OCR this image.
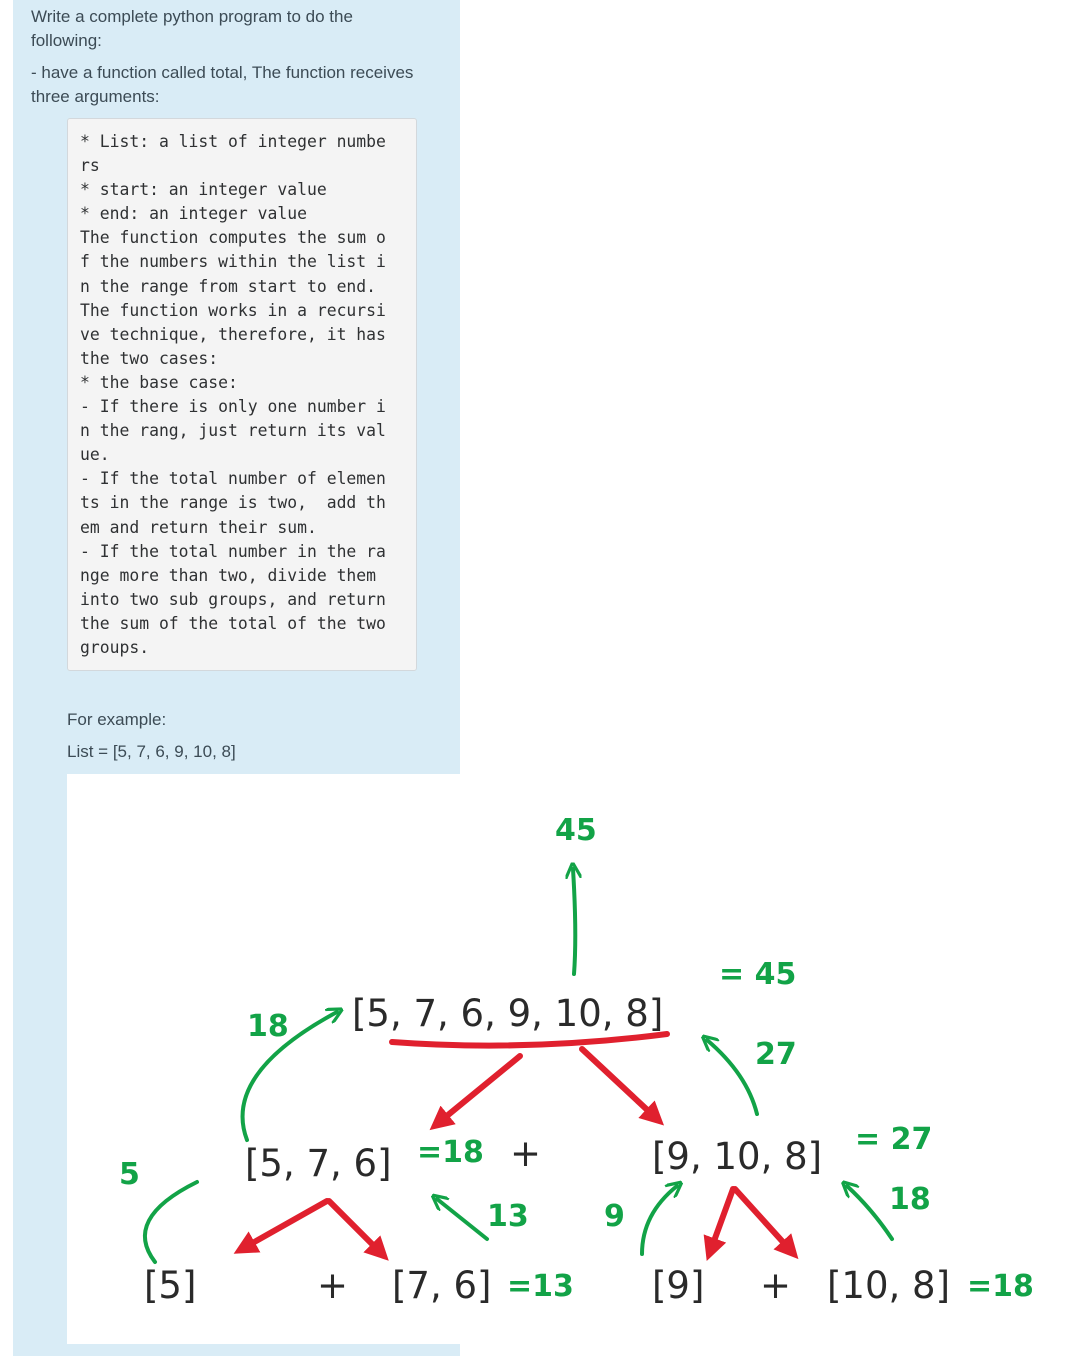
Write a complete python program to do the following:

- have a function called total, The function receives three arguments:

* List: a list of integer numbe
rs
* start: an integer value
* end: an integer value
The function computes the sum o
f the numbers within the list i
n the range from start to end.
The function works in a recursi
ve technique, therefore, it has
the two cases:
* the base case:
- If there is only one number i
n the rang, just return its val
ue.
- If the total number of elemen
ts in the range is two,  add th
em and return their sum.
- If the total number in the ra
nge more than two, divide them
into two sub groups, and return
the sum of the total of the two
groups.

For example:

List = [5, 7, 6, 9, 10, 8]

[5, 7, 6, 9, 10, 8]
[5, 7, 6]	+	[9, 10, 8]
[5]	+ [7, 6]	[9] + [10, 8]
45
= 45
18
27
=18	= 27
5
13	9	18
=13	=18
